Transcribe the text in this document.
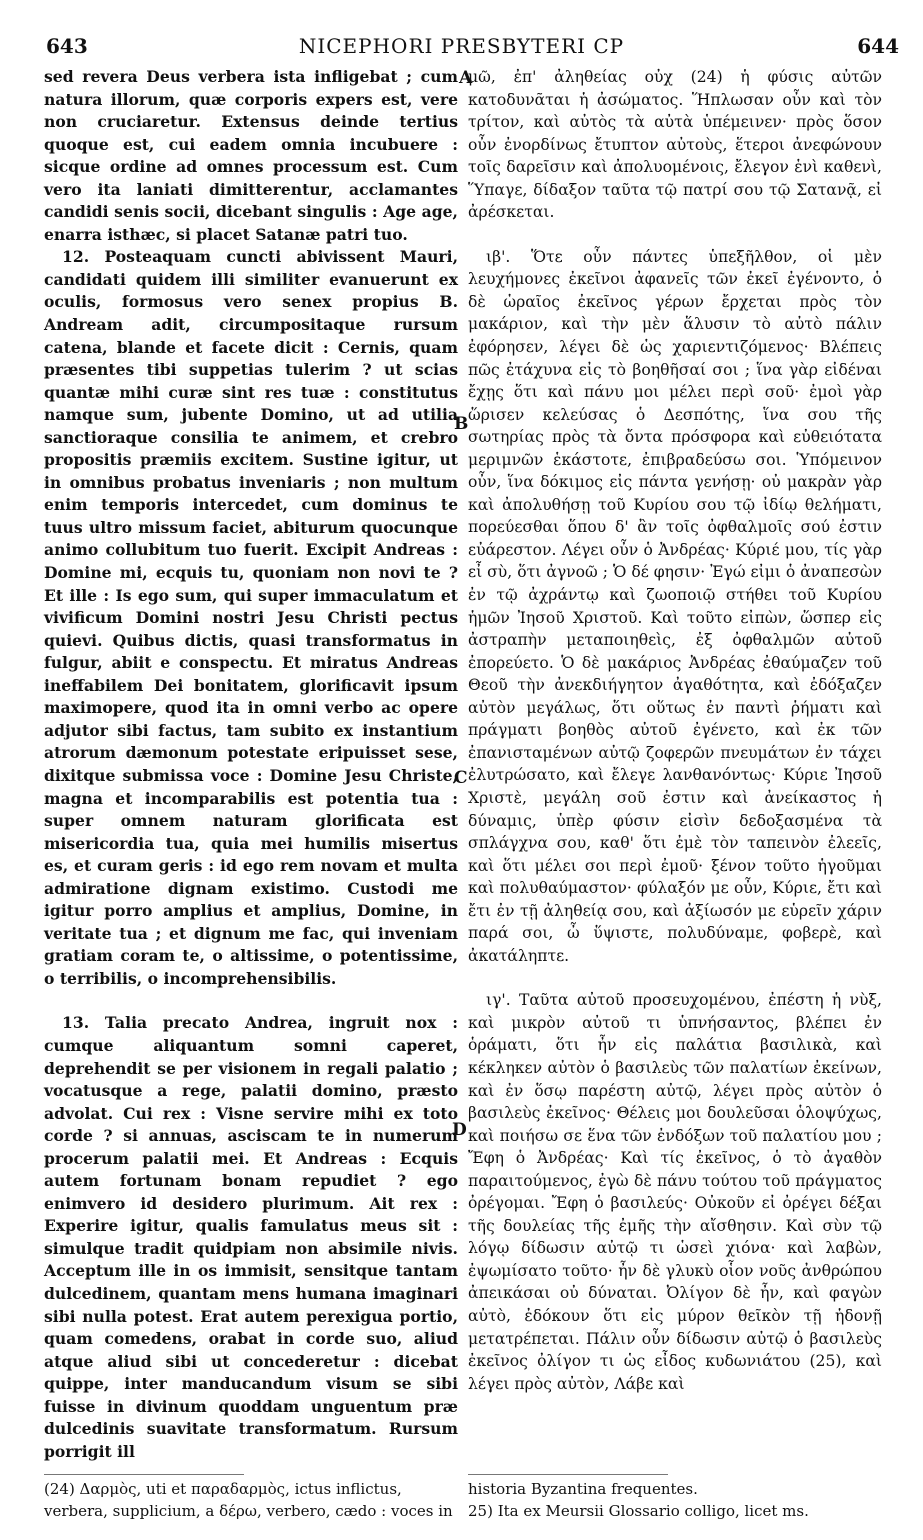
643	NICEPHORI PRESBYTERI CP	644

sed revera Deus verbera ista infligebat ; cum natura illorum, quæ corporis expers est, vere non cruciaretur. Extensus deinde tertius quoque est, cui eadem omnia incubuere : sicque ordine ad omnes processum est. Cum vero ita laniati dimitterentur, acclamantes candidi senis socii, dicebant singulis : Age age, enarra isthæc, si placet Satanæ patri tuo.

12. Posteaquam cuncti abivissent Mauri, candidati quidem illi similiter evanuerunt ex oculis, formosus vero senex propius B. Andream adit, circumpositaque rursum catena, blande et facete dicit : Cernis, quam præsentes tibi suppetias tulerim ? ut scias quantæ mihi curæ sint res tuæ : constitutus namque sum, jubente Domino, ut ad utilia sanctioraque consilia te animem, et crebro propositis præmiis excitem. Sustine igitur, ut in omnibus probatus inveniaris ; non multum enim temporis intercedet, cum dominus te tuus ultro missum faciet, abiturum quocunque animo collubitum tuo fuerit. Excipit Andreas : Domine mi, ecquis tu, quoniam non novi te ? Et ille : Is ego sum, qui super immaculatum et vivificum Domini nostri Jesu Christi pectus quievi. Quibus dictis, quasi transformatus in fulgur, abiit e conspectu. Et miratus Andreas ineffabilem Dei bonitatem, glorificavit ipsum maximopere, quod ita in omni verbo ac opere adjutor sibi factus, tam subito ex instantium atrorum dæmonum potestate eripuisset sese, dixitque submissa voce : Domine Jesu Christe, magna et incomparabilis est potentia tua : super omnem naturam glorificata est misericordia tua, quia mei humilis misertus es, et curam geris : id ego rem novam et multa admiratione dignam existimo. Custodi me igitur porro amplius et amplius, Domine, in veritate tua ; et dignum me fac, qui inveniam gratiam coram te, o altissime, o potentissime, o terribilis, o incomprehensibilis.

13. Talia precato Andrea, ingruit nox : cumque aliquantum somni caperet, deprehendit se per visionem in regali palatio ; vocatusque a rege, palatii domino, præsto advolat. Cui rex : Visne servire mihi ex toto corde ? si annuas, asciscam te in numerum procerum palatii mei. Et Andreas : Ecquis autem fortunam bonam repudiet ? ego enimvero id desidero plurimum. Ait rex : Experire igitur, qualis famulatus meus sit : simulque tradit quidpiam non absimile nivis. Acceptum ille in os immisit, sensitque tantam dulcedinem, quantam mens humana imaginari sibi nulla potest. Erat autem perexigua portio, quam comedens, orabat in corde suo, aliud atque aliud sibi ut concederetur : dicebat quippe, inter manducandum visum se sibi fuisse in divinum quoddam unguentum præ dulcedinis suavitate transformatum. Rursum porrigit ill

A
B
C
D

μῶ, ἐπ' ἀληθείας οὐχ (24) ἡ φύσις αὐτῶν κατοδυνᾶται ἡ ἀσώματος. Ἥπλωσαν οὖν καὶ τὸν τρίτον, καὶ αὐτὸς τὰ αὐτὰ ὑπέμεινεν· πρὸς ὅσον οὖν ἐνορδίνως ἔτυπτον αὐτοὺς, ἕτεροι ἀνεφώνουν τοῖς δαρεῖσιν καὶ ἀπολυομένοις, ἔλεγον ἑνὶ καθενὶ, Ὕπαγε, δίδαξον ταῦτα τῷ πατρί σου τῷ Σατανᾷ, εἰ ἀρέσκεται.

ιβ'. Ὅτε οὖν πάντες ὑπεξῆλθον, οἱ μὲν λευχήμονες ἐκεῖνοι ἀφανεῖς τῶν ἐκεῖ ἐγένοντο, ὁ δὲ ὡραῖος ἐκεῖνος γέρων ἔρχεται πρὸς τὸν μακάριον, καὶ τὴν μὲν ἅλυσιν τὸ αὐτὸ πάλιν ἐφόρησεν, λέγει δὲ ὡς χαριεντιζόμενος· Βλέπεις πῶς ἐτάχυνα εἰς τὸ βοηθῆσαί σοι ; ἵνα γὰρ εἰδέναι ἔχῃς ὅτι καὶ πάνυ μοι μέλει περὶ σοῦ· ἐμοὶ γὰρ ὥρισεν κελεύσας ὁ Δεσπότης, ἵνα σου τῆς σωτηρίας πρὸς τὰ ὄντα πρόσφορα καὶ εὐθειότατα μεριμνῶν ἑκάστοτε, ἐπιβραδεύσω σοι. Ὑπόμεινον οὖν, ἵνα δόκιμος εἰς πάντα γενήσῃ· οὐ μακρὰν γὰρ καὶ ἀπολυθήσῃ τοῦ Κυρίου σου τῷ ἰδίῳ θελήματι, πορεύεσθαι ὅπου δ' ἂν τοῖς ὀφθαλμοῖς σού ἐστιν εὐάρεστον. Λέγει οὖν ὁ Ἀνδρέας· Κύριέ μου, τίς γὰρ εἶ σὺ, ὅτι ἀγνοῶ ; Ὁ δέ φησιν· Ἐγώ εἰμι ὁ ἀναπεσὼν ἐν τῷ ἀχράντῳ καὶ ζωοποιῷ στήθει τοῦ Κυρίου ἡμῶν Ἰησοῦ Χριστοῦ. Καὶ τοῦτο εἰπὼν, ὥσπερ εἰς ἀστραπὴν μεταποιηθεὶς, ἐξ ὀφθαλμῶν αὐτοῦ ἐπορεύετο. Ὁ δὲ μακάριος Ἀνδρέας ἐθαύμαζεν τοῦ Θεοῦ τὴν ἀνεκδιήγητον ἀγαθότητα, καὶ ἐδόξαζεν αὐτὸν μεγάλως, ὅτι οὕτως ἐν παντὶ ῥήματι καὶ πράγματι βοηθὸς αὐτοῦ ἐγένετο, καὶ ἐκ τῶν ἐπανισταμένων αὐτῷ ζοφερῶν πνευμάτων ἐν τάχει ἐλυτρώσατο, καὶ ἔλεγε λανθανόντως· Κύριε Ἰησοῦ Χριστὲ, μεγάλη σοῦ ἐστιν καὶ ἀνείκαστος ἡ δύναμις, ὑπὲρ φύσιν εἰσὶν δεδοξασμένα τὰ σπλάγχνα σου, καθ' ὅτι ἐμὲ τὸν ταπεινὸν ἐλεεῖς, καὶ ὅτι μέλει σοι περὶ ἐμοῦ· ξένον τοῦτο ἡγοῦμαι καὶ πολυθαύμαστον· φύλαξόν με οὖν, Κύριε, ἔτι καὶ ἔτι ἐν τῇ ἀληθείᾳ σου, καὶ ἀξίωσόν με εὑρεῖν χάριν παρά σοι, ὦ ὕψιστε, πολυδύναμε, φοβερὲ, καὶ ἀκατάληπτε.

ιγ'. Ταῦτα αὐτοῦ προσευχομένου, ἐπέστη ἡ νὺξ, καὶ μικρὸν αὐτοῦ τι ὑπνήσαντος, βλέπει ἐν ὁράματι, ὅτι ἦν εἰς παλάτια βασιλικὰ, καὶ κέκληκεν αὐτὸν ὁ βασιλεὺς τῶν παλατίων ἐκείνων, καὶ ἐν ὅσῳ παρέστη αὐτῷ, λέγει πρὸς αὐτὸν ὁ βασιλεὺς ἐκεῖνος· Θέλεις μοι δουλεῦσαι ὁλοψύχως, καὶ ποιήσω σε ἕνα τῶν ἐνδόξων τοῦ παλατίου μου ; Ἔφη ὁ Ἀνδρέας· Καὶ τίς ἐκεῖνος, ὁ τὸ ἀγαθὸν παραιτούμενος, ἐγὼ δὲ πάνυ τούτου τοῦ πράγματος ὀρέγομαι. Ἔφη ὁ βασιλεύς· Οὐκοῦν εἰ ὀρέγει δέξαι τῆς δουλείας τῆς ἐμῆς τὴν αἴσθησιν. Καὶ σὺν τῷ λόγῳ δίδωσιν αὐτῷ τι ὡσεὶ χιόνα· καὶ λαβὼν, ἐψωμίσατο τοῦτο· ἦν δὲ γλυκὺ οἷον νοῦς ἀνθρώπου ἀπεικάσαι οὐ δύναται. Ὀλίγον δὲ ἦν, καὶ φαγὼν αὐτὸ, ἐδόκουν ὅτι εἰς μύρον θεῖκὸν τῇ ἡδονῇ μετατρέπεται. Πάλιν οὖν δίδωσιν αὐτῷ ὁ βασιλεὺς ἐκεῖνος ὀλίγον τι ὡς εἶδος κυδωνιάτου (25), καὶ λέγει πρὸς αὐτὸν, Λάβε καὶ

(24) Δαρμὸς, uti et παραδαρμὸς, ictus inflictus, verbera, supplicium, a δέρω, verbero, cædo : voces in
historia Byzantina frequentes.
25) Ita ex Meursii Glossario colligo, licet ms.
